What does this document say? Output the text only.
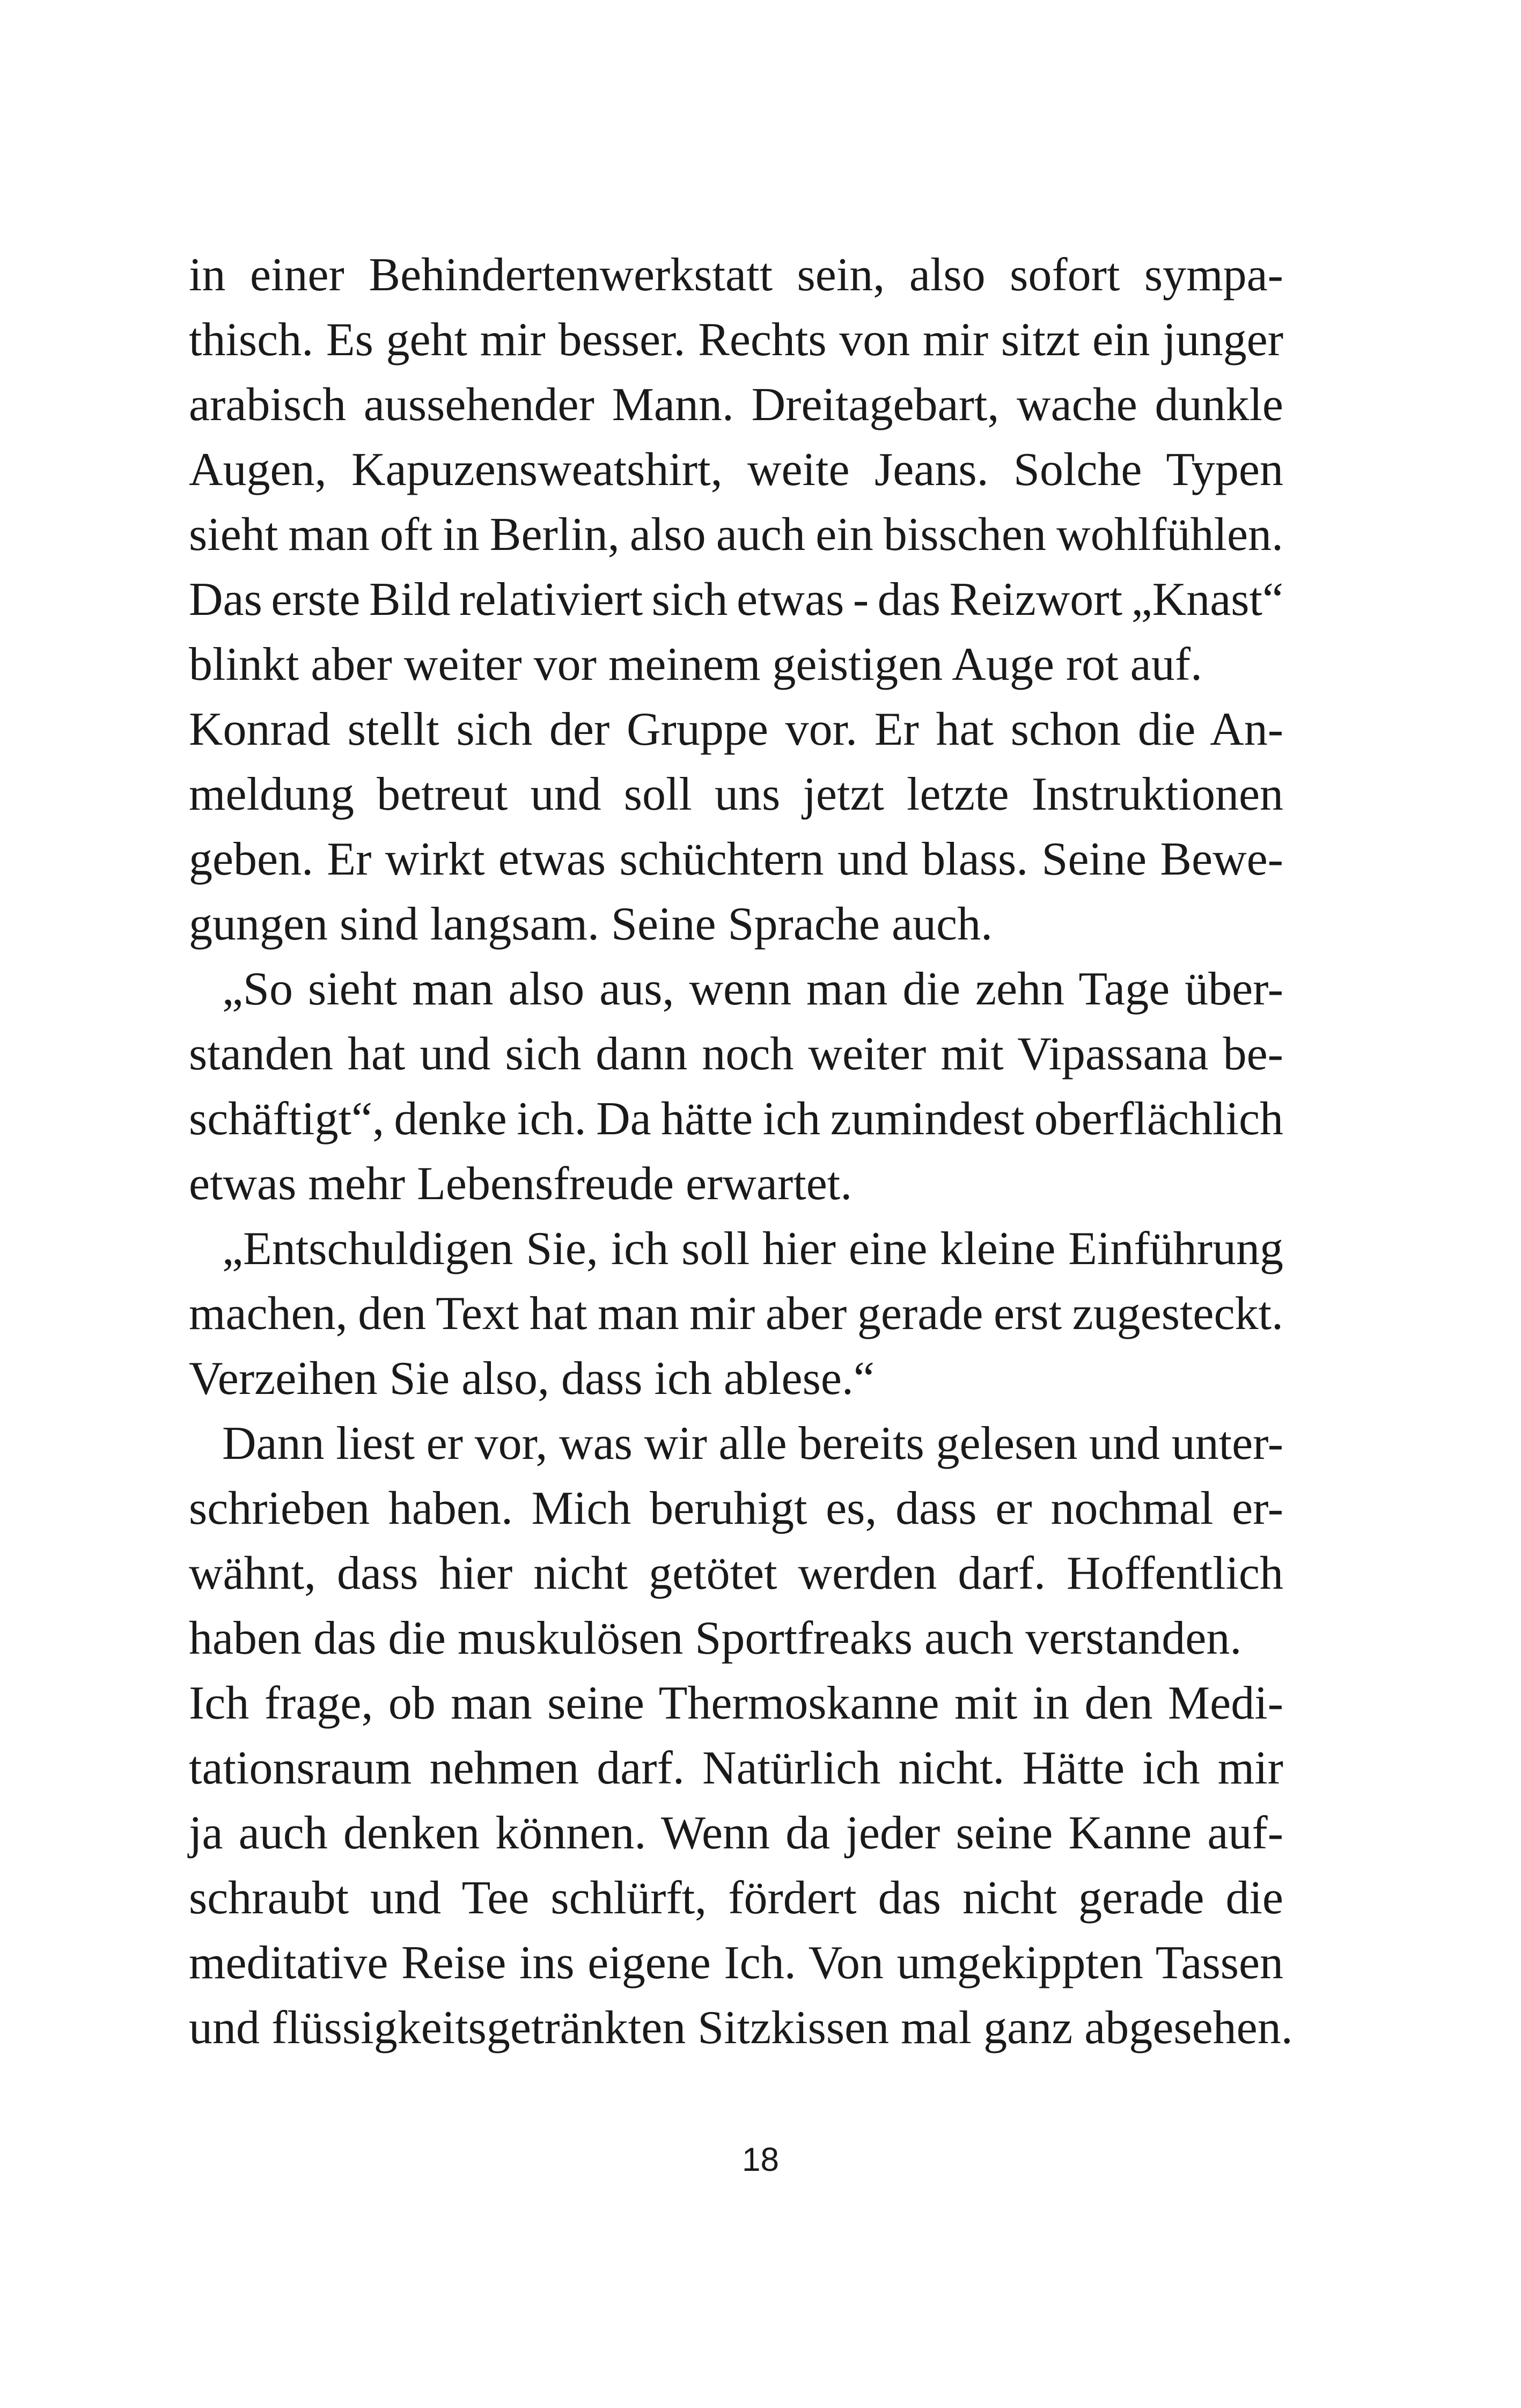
in einer Behindertenwerkstatt sein, also sofort sympa-
thisch. Es geht mir besser. Rechts von mir sitzt ein junger
arabisch aussehender Mann. Dreitagebart, wache dunkle
Augen, Kapuzensweatshirt, weite Jeans. Solche Typen
sieht man oft in Berlin, also auch ein bisschen wohlfühlen.
Das erste Bild relativiert sich etwas - das Reizwort „Knast“
blinkt aber weiter vor meinem geistigen Auge rot auf.
Konrad stellt sich der Gruppe vor. Er hat schon die An-
meldung betreut und soll uns jetzt letzte Instruktionen
geben. Er wirkt etwas schüchtern und blass. Seine Bewe-
gungen sind langsam. Seine Sprache auch.
„So sieht man also aus, wenn man die zehn Tage über-
standen hat und sich dann noch weiter mit Vipassana be-
schäftigt“, denke ich. Da hätte ich zumindest oberflächlich
etwas mehr Lebensfreude erwartet.
„Entschuldigen Sie, ich soll hier eine kleine Einführung
machen, den Text hat man mir aber gerade erst zugesteckt.
Verzeihen Sie also, dass ich ablese.“
Dann liest er vor, was wir alle bereits gelesen und unter-
schrieben haben. Mich beruhigt es, dass er nochmal er-
wähnt, dass hier nicht getötet werden darf. Hoffentlich
haben das die muskulösen Sportfreaks auch verstanden.
Ich frage, ob man seine Thermoskanne mit in den Medi-
tationsraum nehmen darf. Natürlich nicht. Hätte ich mir
ja auch denken können. Wenn da jeder seine Kanne auf-
schraubt und Tee schlürft, fördert das nicht gerade die
meditative Reise ins eigene Ich. Von umgekippten Tassen
und flüssigkeitsgetränkten Sitzkissen mal ganz abgesehen.
18
